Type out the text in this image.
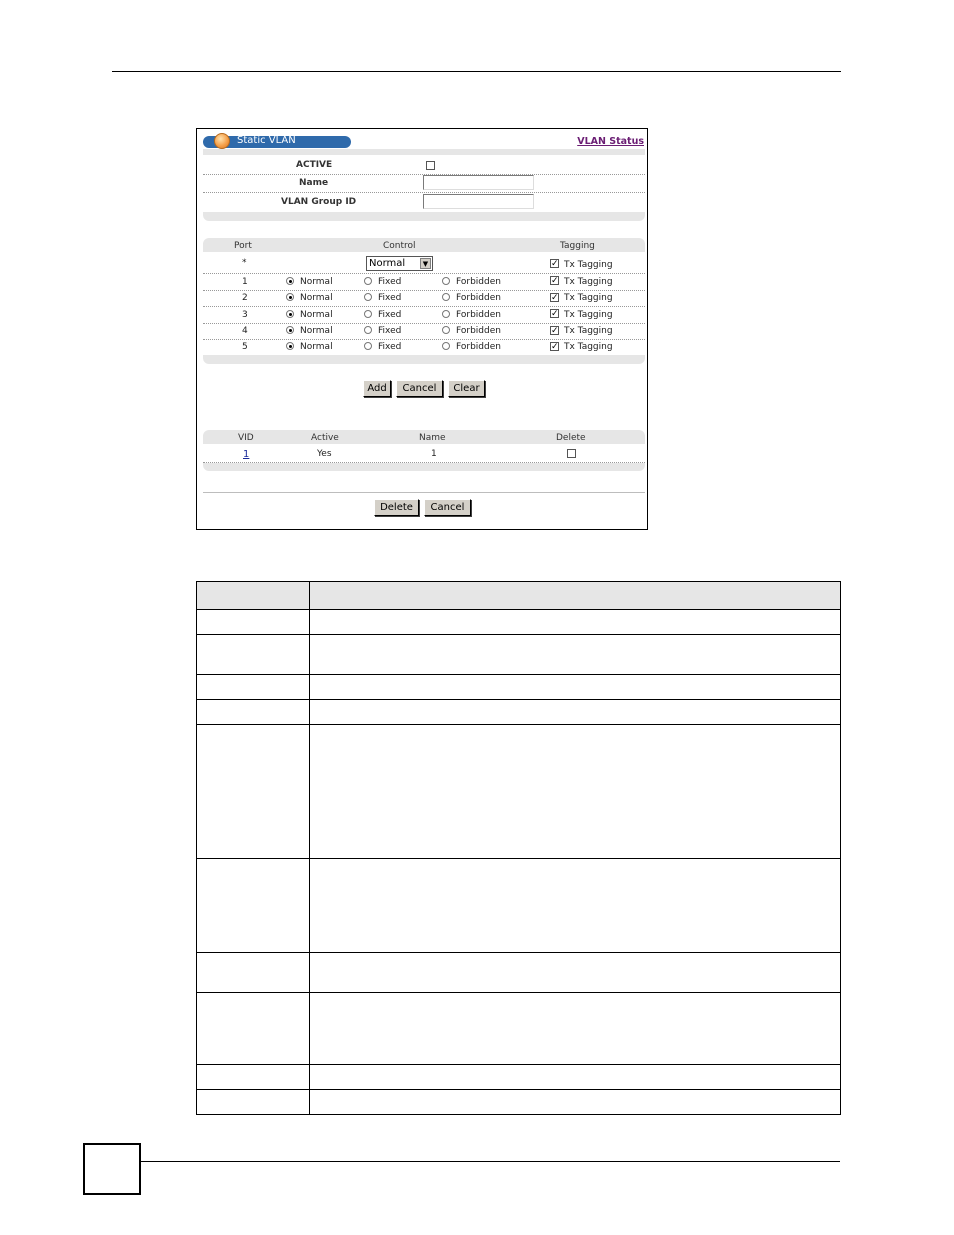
Static VLAN	VLAN Status
ACTIVE
Name
VLAN Group ID
Port	Control	Tagging
*	Normal	▼	✓ Tx Tagging
1	Normal	Fixed	Forbidden	✓ Tx Tagging
2	Normal	Fixed	Forbidden	✓ Tx Tagging
3	Normal	Fixed	Forbidden	✓ Tx Tagging
4	Normal	Fixed	Forbidden	✓ Tx Tagging
5	Normal	Fixed	Forbidden	✓ Tx Tagging
Add	Cancel	Clear
VID	Active	Name	Delete
1	Yes	1
Delete	Cancel
